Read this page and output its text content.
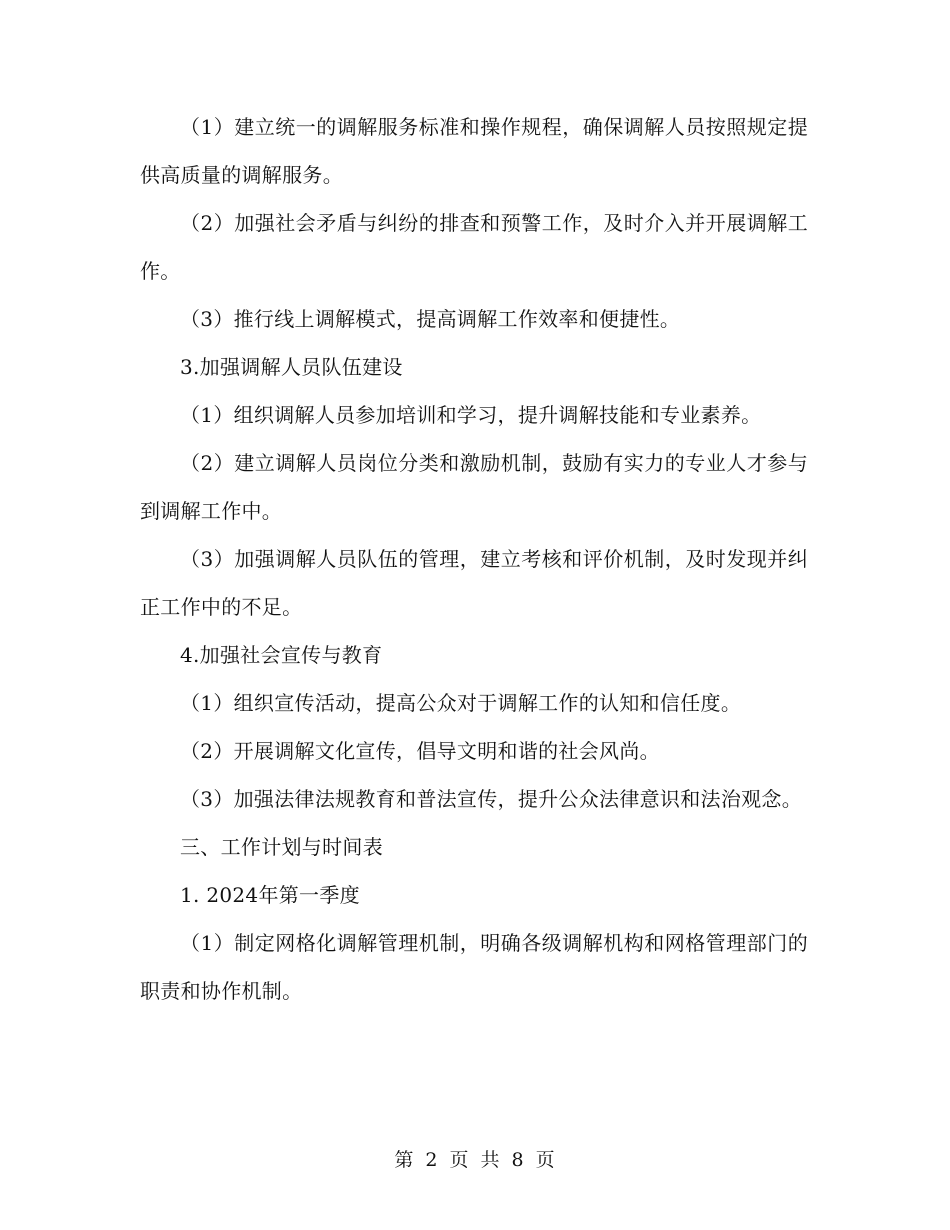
（1）建立统一的调解服务标准和操作规程，确保调解人员按照规定提供高质量的调解服务。

（2）加强社会矛盾与纠纷的排查和预警工作，及时介入并开展调解工作。

（3）推行线上调解模式，提高调解工作效率和便捷性。

3.加强调解人员队伍建设

（1）组织调解人员参加培训和学习，提升调解技能和专业素养。

（2）建立调解人员岗位分类和激励机制，鼓励有实力的专业人才参与到调解工作中。

（3）加强调解人员队伍的管理，建立考核和评价机制，及时发现并纠正工作中的不足。

4.加强社会宣传与教育

（1）组织宣传活动，提高公众对于调解工作的认知和信任度。

（2）开展调解文化宣传，倡导文明和谐的社会风尚。

（3）加强法律法规教育和普法宣传，提升公众法律意识和法治观念。

三、工作计划与时间表

1. 2024年第一季度

（1）制定网格化调解管理机制，明确各级调解机构和网格管理部门的职责和协作机制。

第 2 页 共 8 页
